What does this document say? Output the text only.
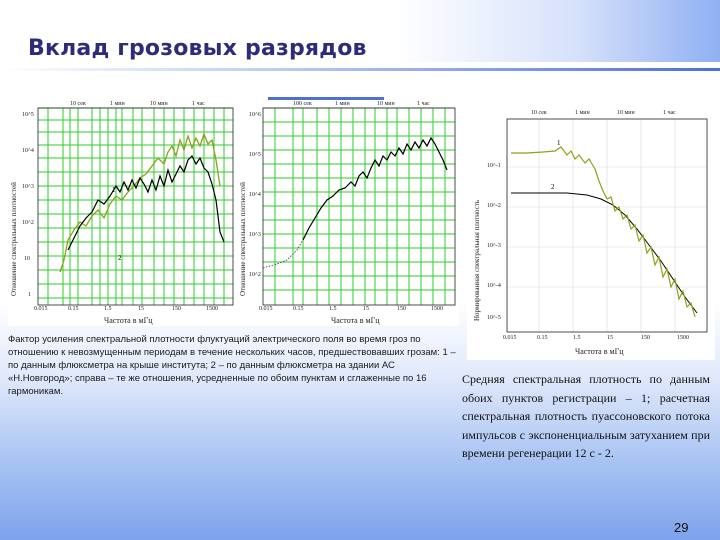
Вклад грозовых разрядов
1
2
10 сек	1 мин	10 мин	1 час
0.015	0.15	1.5	15	150	1500
10^5
10^4
10^3
10^2
10
1
Частота в мГц
Отношение спектральных плотностей
100 сек	1 мин	10 мин	1 час
0.015	0.15	1.5	15	150	1500
10^6
10^5
10^4
10^3
10^2
Частота в мГц
Отношение спектральных плотностей
1
2
10 сек	1 мин	10 мин	1 час
0.015	0.15	1.5	15	150	1500
10^-1
10^-2
10^-3
10^-4
10^-5
Частота в мГц
Нормированная спектральная плотность

Фактор усиления спектральной плотности флуктуаций электрического поля во время гроз по отношению к невозмущенным периодам в течение нескольких часов, предшествовавших грозам: 1 – по данным флюксметра на крыше института; 2 – по данным флюксметра на здании АС «Н.Новгород»; справа – те же отношения, усредненные по обоим пунктам и сглаженные по 16 гармоникам.

Средняя спектральная плотность по данным обоих пунктов регистрации – 1; расчетная спектральная плотность пуассоновского потока импульсов с экспоненциальным затуханием при времени регенерации 12 с - 2.

29
